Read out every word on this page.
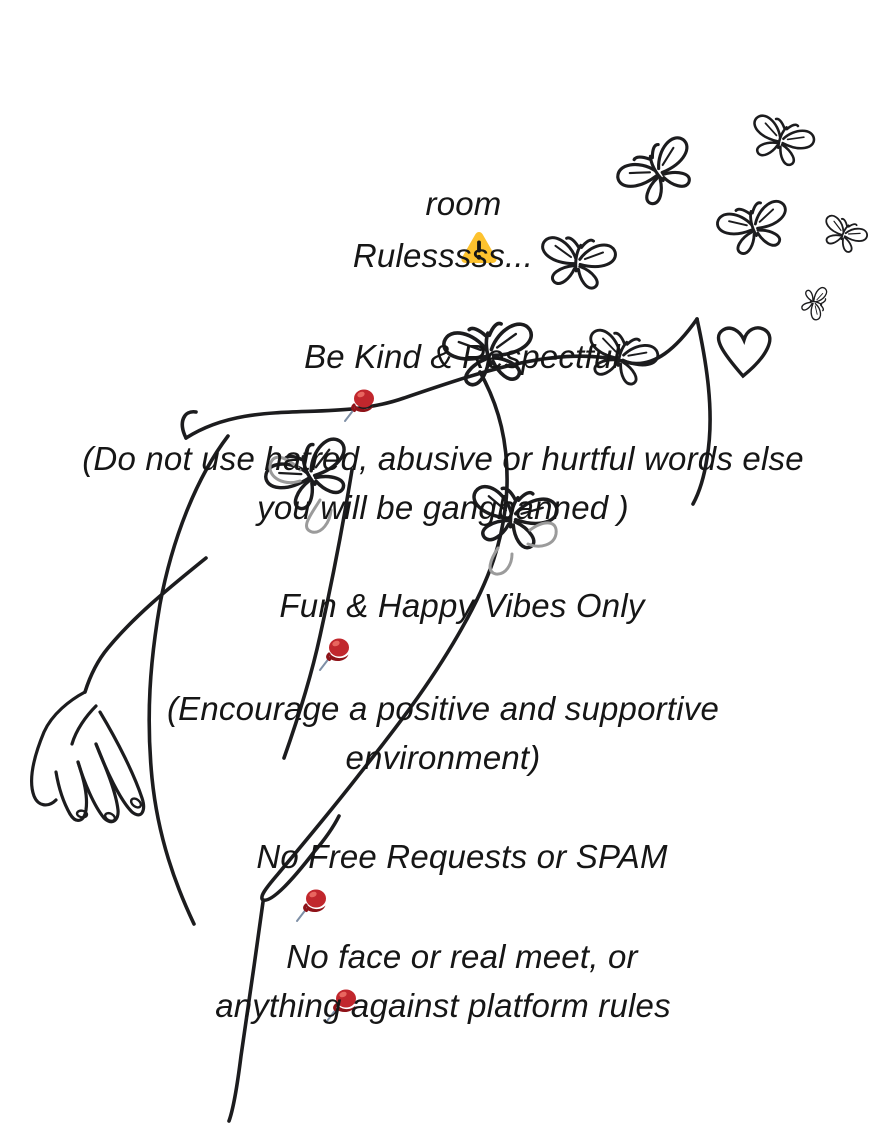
room
Rulesssss...

Be Kind & Respectful
(Do not use hatred, abusive or hurtful words else
you will be gangbanned )

Fun & Happy Vibes Only
(Encourage a positive and supportive
environment)

No Free Requests or SPAM

No face or real meet, or
anything against platform rules
